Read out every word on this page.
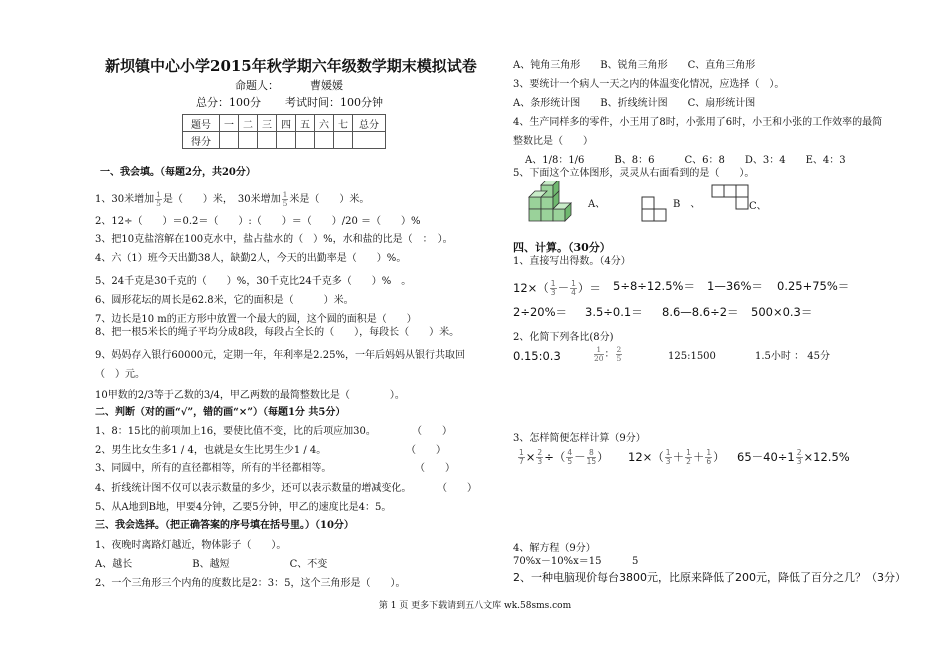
新坝镇中心小学2015年秋学期六年级数学期末模拟试卷
命题人：	曹媛媛
总分：100分 考试时间：100分钟
题号	一	二	三	四	五	六	七	总分
得分								
一、我会填。（每题2分，共20分）
1、30米增加 $\frac{1}{5}$ 是（　　）米，　30米增加 $\frac{1}{5}$ 米是（　　）米。
2、12÷（　　）＝0.2＝（　　）:（　　）＝（　　）/20 ＝（　　）%
3、把10克盐溶解在100克水中，盐占盐水的（　）%，水和盐的比是（　：　）。
4、六（1）班今天出勤38人，缺勤2人，今天的出勤率是（　　）%。
5、24千克是30千克的（　　）%，30千克比24千克多（　　）%　。
6、圆形花坛的周长是62.8米，它的面积是（　　　）米。
7、边长是10 m的正方形中放置一个最大的圆，这个圆的面积是（　　）
8、把一根5米长的绳子平均分成8段，每段占全长的（　　），每段长（　　）米。
9、妈妈存入银行60000元，定期一年，年利率是2.25%，一年后妈妈从银行共取回
（　）元。
10甲数的2/3等于乙数的3/4，甲乙两数的最简整数比是（　　　　）。
二、判断（对的画“√”，错的画“×”）（每题1分 共5分）
1、8：15比的前项加上16，要使比值不变，比的后项应加30。	（　　）
2、男生比女生多1 / 4，也就是女生比男生少1 / 4。	（　　）
3、同圆中，所有的直径都相等，所有的半径都相等。	（　　）
4、折线统计图不仅可以表示数量的多少，还可以表示数量的增减变化。	（　　）
5、从A地到B地，甲要4分钟，乙要5分钟，甲乙的速度比是4：5。
三、我会选择。（把正确答案的序号填在括号里。）（10分）
1、夜晚时离路灯越近，物体影子（　　）。
A、越长　　　　　　B、越短　　　　　　C、不变
2、一个三角形三个内角的度数比是2：3：5，这个三角形是（　　）。
A、钝角三角形　　B、锐角三角形　　C、直角三角形
3、要统计一个病人一天之内的体温变化情况，应选择（　）。
A、条形统计图　　B、折线统计图　　C、扇形统计图
4、生产同样多的零件，小王用了8时，小张用了6时，小王和小张的工作效率的最简
整数比是（　　）
A、1/8：1/6　　　B、8：6　　　C、6：8　　D、3：4　　E、4：3
5、下面这个立体图形，灵灵从右面看到的是（　　）。
A、	B　、	C、
四、计算。（30分）
1、直接写出得数。（4分）
$12\times( \frac{1}{3} - \frac{1}{4}$ ）＝ 5÷8÷12.5%＝ 1—36%＝ 0.25+75%＝
2÷20%＝ 3.5÷0.1＝ 8.6—8.6÷2＝ 500×0.3＝
2、化简下列各比(8分)
0.15:0.3	$\frac{1}{20}$ ： $\frac{2}{5}$	125:1500	1.5小时 ： 45分
3、怎样简便怎样计算（9分）
$\frac{1}{7} \times \frac{2}{3}$ ÷（ $\frac{4}{5} - \frac{8}{15}$ ） $12\times( \frac{1}{3} + \frac{1}{2} + \frac{1}{6}$ ） $65-40\div 1 \frac{2}{3} \times 12.5\%$
4、解方程（9分）
70%x－10%x＝15	5
2、一种电脑现价每台3800元，比原来降低了200元，降低了百分之几？（3分）
第 1 页 更多下载请到五八文库 wk.58sms.com
